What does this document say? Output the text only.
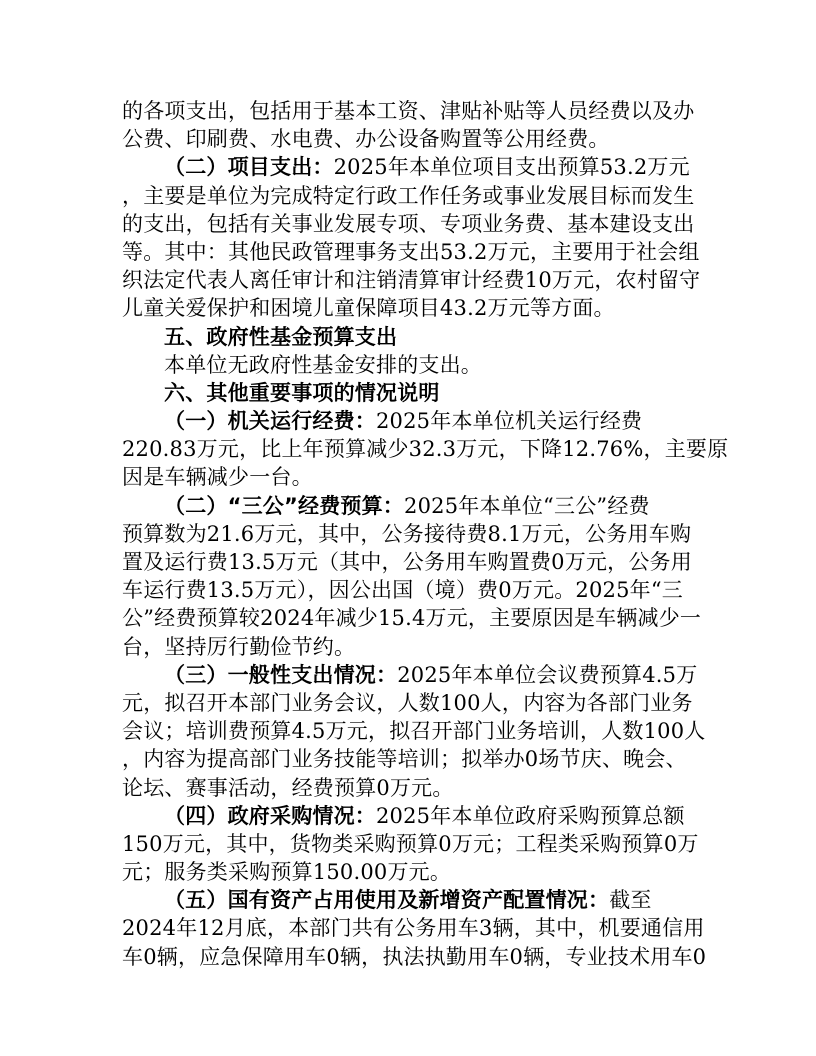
的各项支出，包括用于基本工资、津贴补贴等人员经费以及办
公费、印刷费、水电费、办公设备购置等公用经费。
（二）项目支出：2025年本单位项目支出预算53.2万元
，主要是单位为完成特定行政工作任务或事业发展目标而发生
的支出，包括有关事业发展专项、专项业务费、基本建设支出
等。其中：其他民政管理事务支出53.2万元，主要用于社会组
织法定代表人离任审计和注销清算审计经费10万元，农村留守
儿童关爱保护和困境儿童保障项目43.2万元等方面。
五、政府性基金预算支出
本单位无政府性基金安排的支出。
六、其他重要事项的情况说明
（一）机关运行经费：2025年本单位机关运行经费
220.83万元，比上年预算减少32.3万元，下降12.76%，主要原
因是车辆减少一台。
（二）“三公”经费预算：2025年本单位“三公”经费
预算数为21.6万元，其中，公务接待费8.1万元，公务用车购
置及运行费13.5万元（其中，公务用车购置费0万元，公务用
车运行费13.5万元），因公出国（境）费0万元。2025年“三
公”经费预算较2024年减少15.4万元，主要原因是车辆减少一
台，坚持厉行勤俭节约。
（三）一般性支出情况：2025年本单位会议费预算4.5万
元，拟召开本部门业务会议，人数100人，内容为各部门业务
会议；培训费预算4.5万元，拟召开部门业务培训，人数100人
，内容为提高部门业务技能等培训；拟举办0场节庆、晚会、
论坛、赛事活动，经费预算0万元。
（四）政府采购情况：2025年本单位政府采购预算总额
150万元，其中，货物类采购预算0万元；工程类采购预算0万
元；服务类采购预算150.00万元。
（五）国有资产占用使用及新增资产配置情况：截至
2024年12月底，本部门共有公务用车3辆，其中，机要通信用
车0辆，应急保障用车0辆，执法执勤用车0辆，专业技术用车0
